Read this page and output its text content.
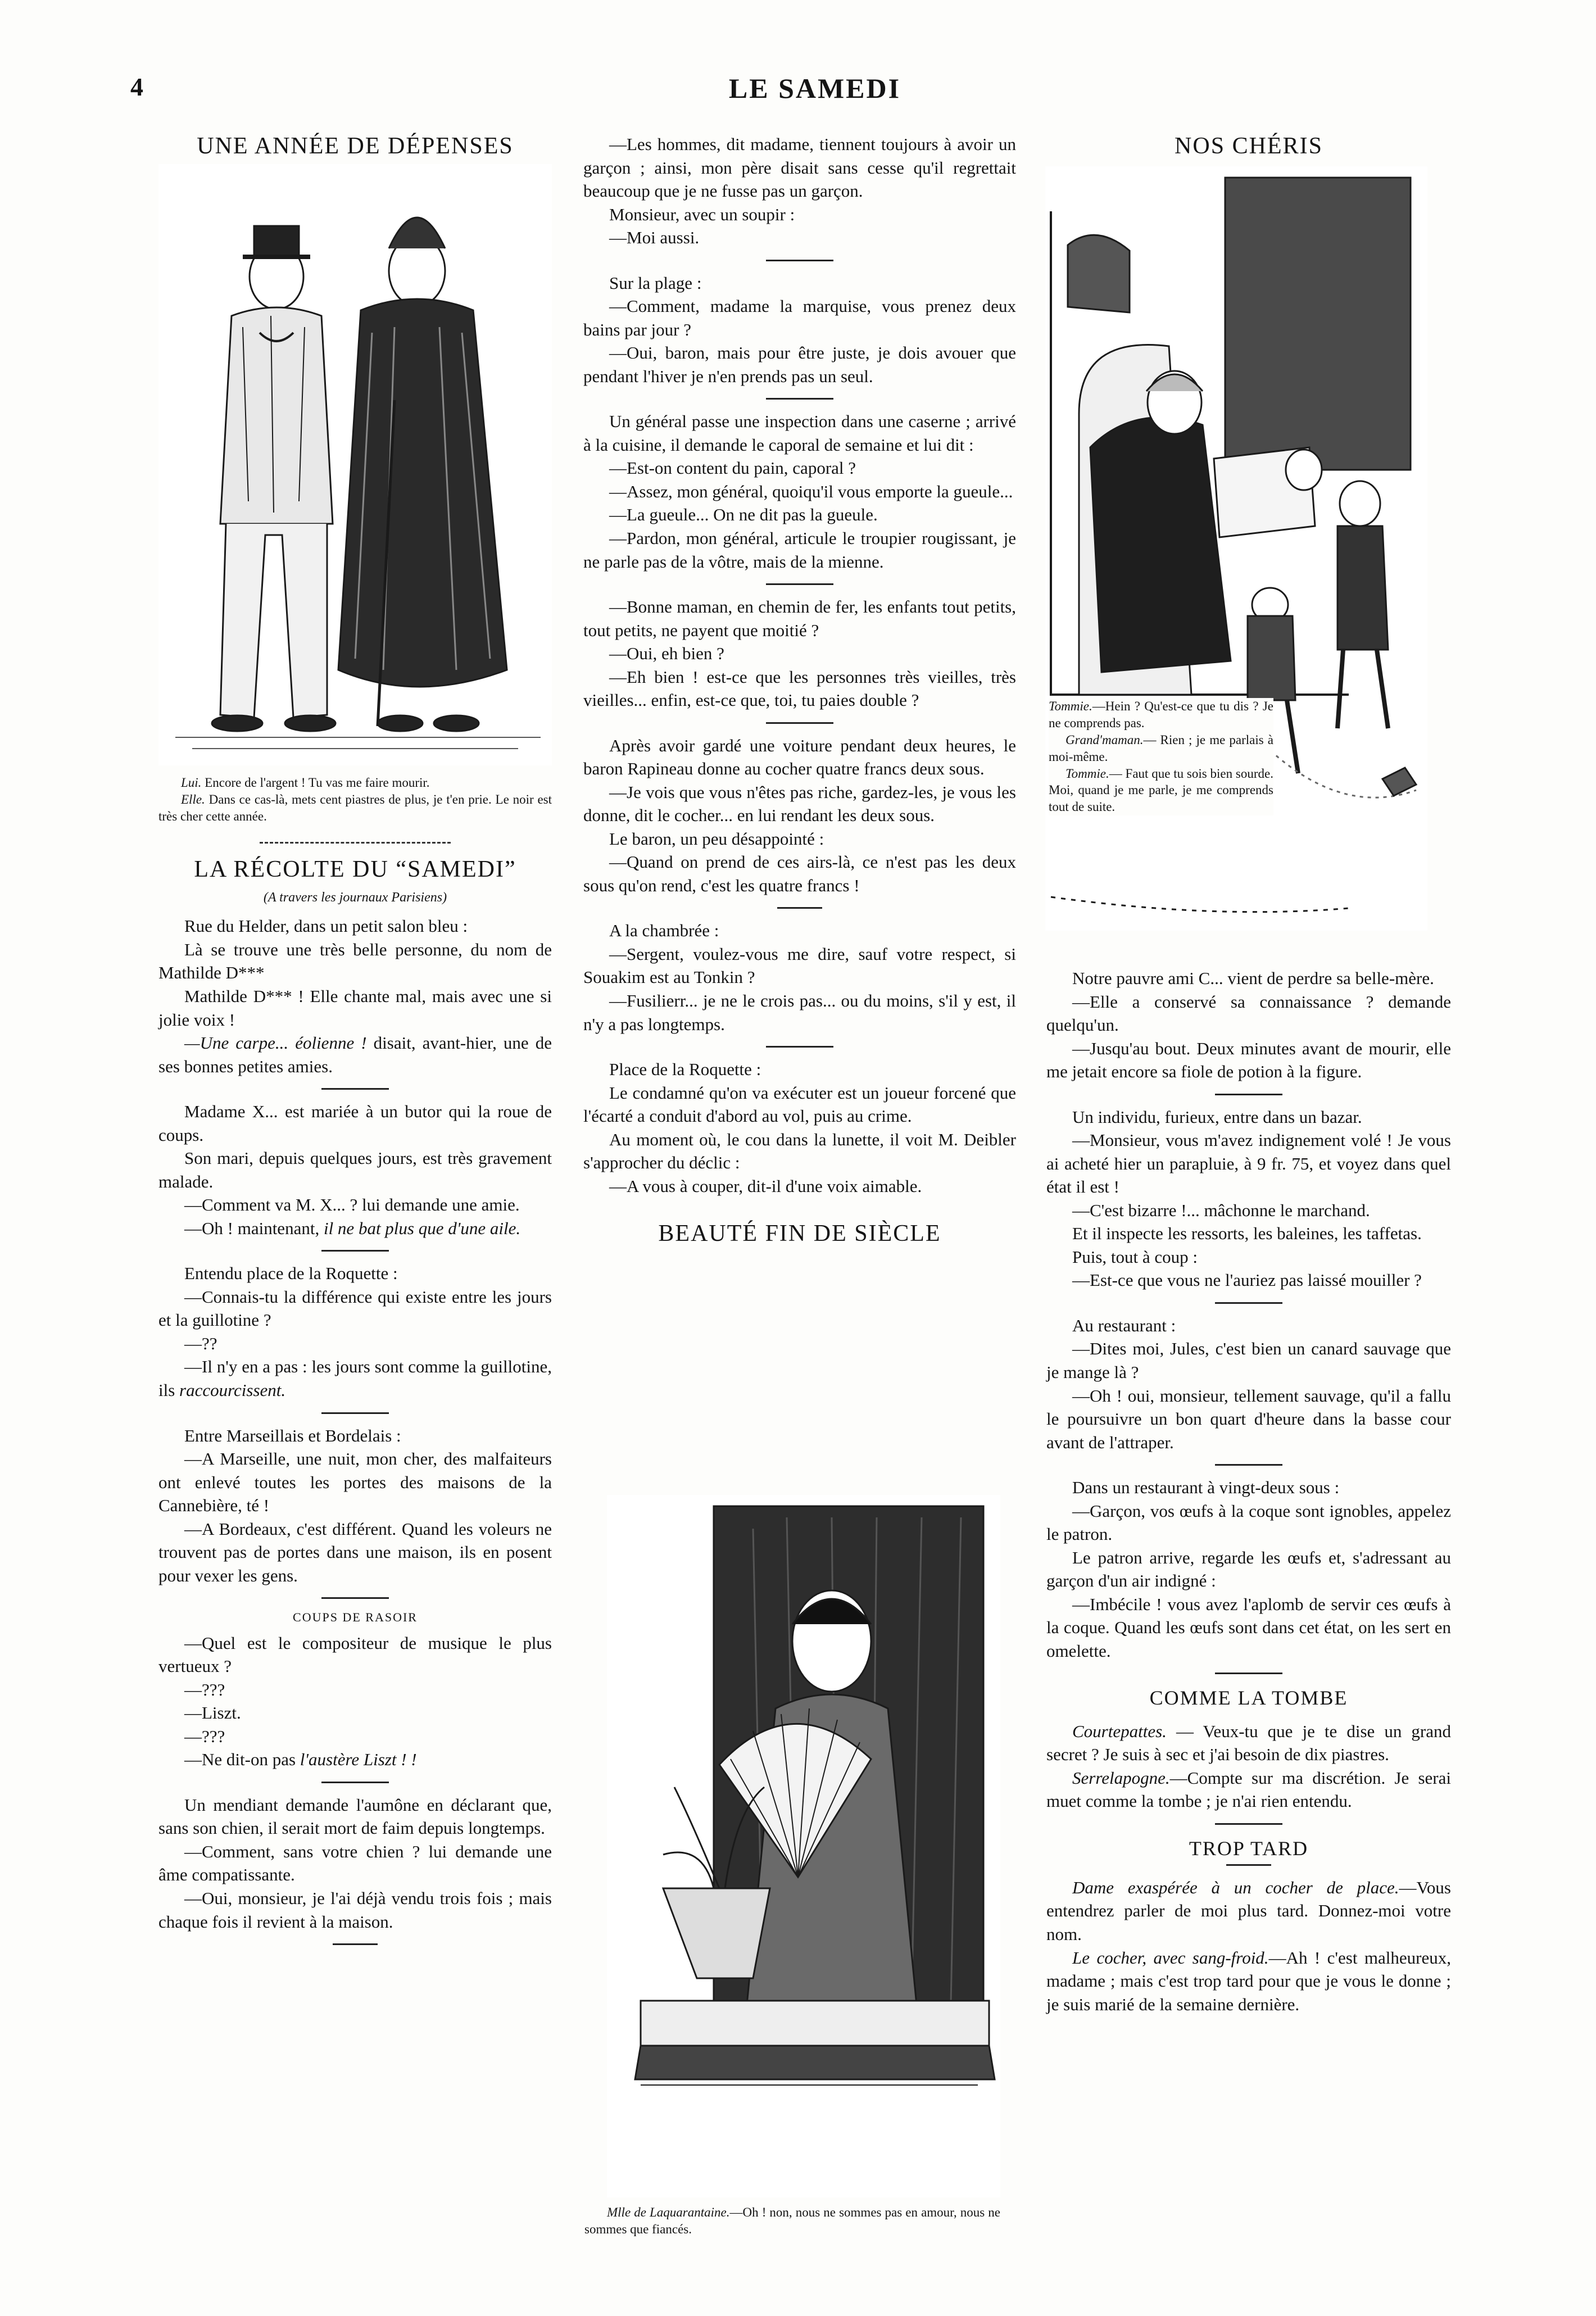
4	LE SAMEDI
UNE ANNÉE DE DÉPENSES

Lui. Encore de l'argent ! Tu vas me faire mourir.

Elle. Dans ce cas-là, mets cent piastres de plus, je t'en prie. Le noir est très cher cette année.

LA RÉCOLTE DU “SAMEDI”
(A travers les journaux Parisiens)

Rue du Helder, dans un petit salon bleu :

Là se trouve une très belle personne, du nom de Mathilde D***

Mathilde D*** ! Elle chante mal, mais avec une si jolie voix !

—Une carpe... éolienne ! disait, avant-hier, une de ses bonnes petites amies.

Madame X... est mariée à un butor qui la roue de coups.

Son mari, depuis quelques jours, est très gravement malade.

—Comment va M. X... ? lui demande une amie.

—Oh ! maintenant, il ne bat plus que d'une aile.

Entendu place de la Roquette :

—Connais-tu la différence qui existe entre les jours et la guillotine ?

—??

—Il n'y en a pas : les jours sont comme la guillotine, ils raccourcissent.

Entre Marseillais et Bordelais :

—A Marseille, une nuit, mon cher, des malfaiteurs ont enlevé toutes les portes des maisons de la Cannebière, té !

—A Bordeaux, c'est différent. Quand les voleurs ne trouvent pas de portes dans une maison, ils en posent pour vexer les gens.

COUPS DE RASOIR

—Quel est le compositeur de musique le plus vertueux ?

—???

—Liszt.

—???

—Ne dit-on pas l'austère Liszt ! !

Un mendiant demande l'aumône en déclarant que, sans son chien, il serait mort de faim depuis longtemps.

—Comment, sans votre chien ? lui demande une âme compatissante.

—Oui, monsieur, je l'ai déjà vendu trois fois ; mais chaque fois il revient à la maison.

—Les hommes, dit madame, tiennent toujours à avoir un garçon ; ainsi, mon père disait sans cesse qu'il regrettait beaucoup que je ne fusse pas un garçon.

Monsieur, avec un soupir :

—Moi aussi.

Sur la plage :

—Comment, madame la marquise, vous prenez deux bains par jour ?

—Oui, baron, mais pour être juste, je dois avouer que pendant l'hiver je n'en prends pas un seul.

Un général passe une inspection dans une caserne ; arrivé à la cuisine, il demande le caporal de semaine et lui dit :

—Est-on content du pain, caporal ?

—Assez, mon général, quoiqu'il vous emporte la gueule...

—La gueule... On ne dit pas la gueule.

—Pardon, mon général, articule le troupier rougissant, je ne parle pas de la vôtre, mais de la mienne.

—Bonne maman, en chemin de fer, les enfants tout petits, tout petits, ne payent que moitié ?

—Oui, eh bien ?

—Eh bien ! est-ce que les personnes très vieilles, très vieilles... enfin, est-ce que, toi, tu paies double ?

Après avoir gardé une voiture pendant deux heures, le baron Rapineau donne au cocher quatre francs deux sous.

—Je vois que vous n'êtes pas riche, gardez-les, je vous les donne, dit le cocher... en lui rendant les deux sous.

Le baron, un peu désappointé :

—Quand on prend de ces airs-là, ce n'est pas les deux sous qu'on rend, c'est les quatre francs !

A la chambrée :

—Sergent, voulez-vous me dire, sauf votre respect, si Souakim est au Tonkin ?

—Fusilierr... je ne le crois pas... ou du moins, s'il y est, il n'y a pas longtemps.

Place de la Roquette :

Le condamné qu'on va exécuter est un joueur forcené que l'écarté a conduit d'abord au vol, puis au crime.

Au moment où, le cou dans la lunette, il voit M. Deibler s'approcher du déclic :

—A vous à couper, dit-il d'une voix aimable.

BEAUTÉ FIN DE SIÈCLE

Mlle de Laquarantaine.—Oh ! non, nous ne sommes pas en amour, nous ne sommes que fiancés.

NOS CHÉRIS

Tommie.—Hein ? Qu'est-ce que tu dis ? Je ne comprends pas.

Grand'maman.— Rien ; je me parlais à moi-même.

Tommie.— Faut que tu sois bien sourde. Moi, quand je me parle, je me comprends tout de suite.

Notre pauvre ami C... vient de perdre sa belle-mère.

—Elle a conservé sa connaissance ? demande quelqu'un.

—Jusqu'au bout. Deux minutes avant de mourir, elle me jetait encore sa fiole de potion à la figure.

Un individu, furieux, entre dans un bazar.

—Monsieur, vous m'avez indignement volé ! Je vous ai acheté hier un parapluie, à 9 fr. 75, et voyez dans quel état il est !

—C'est bizarre !... mâchonne le marchand.

Et il inspecte les ressorts, les baleines, les taffetas.

Puis, tout à coup :

—Est-ce que vous ne l'auriez pas laissé mouiller ?

Au restaurant :

—Dites moi, Jules, c'est bien un canard sauvage que je mange là ?

—Oh ! oui, monsieur, tellement sauvage, qu'il a fallu le poursuivre un bon quart d'heure dans la basse cour avant de l'attraper.

Dans un restaurant à vingt-deux sous :

—Garçon, vos œufs à la coque sont ignobles, appelez le patron.

Le patron arrive, regarde les œufs et, s'adressant au garçon d'un air indigné :

—Imbécile ! vous avez l'aplomb de servir ces œufs à la coque. Quand les œufs sont dans cet état, on les sert en omelette.

COMME LA TOMBE

Courtepattes. — Veux-tu que je te dise un grand secret ? Je suis à sec et j'ai besoin de dix piastres.

Serrelapogne.—Compte sur ma discrétion. Je serai muet comme la tombe ; je n'ai rien entendu.

TROP TARD

Dame exaspérée à un cocher de place.—Vous entendrez parler de moi plus tard. Donnez-moi votre nom.

Le cocher, avec sang-froid.—Ah ! c'est malheureux, madame ; mais c'est trop tard pour que je vous le donne ; je suis marié de la semaine dernière.
